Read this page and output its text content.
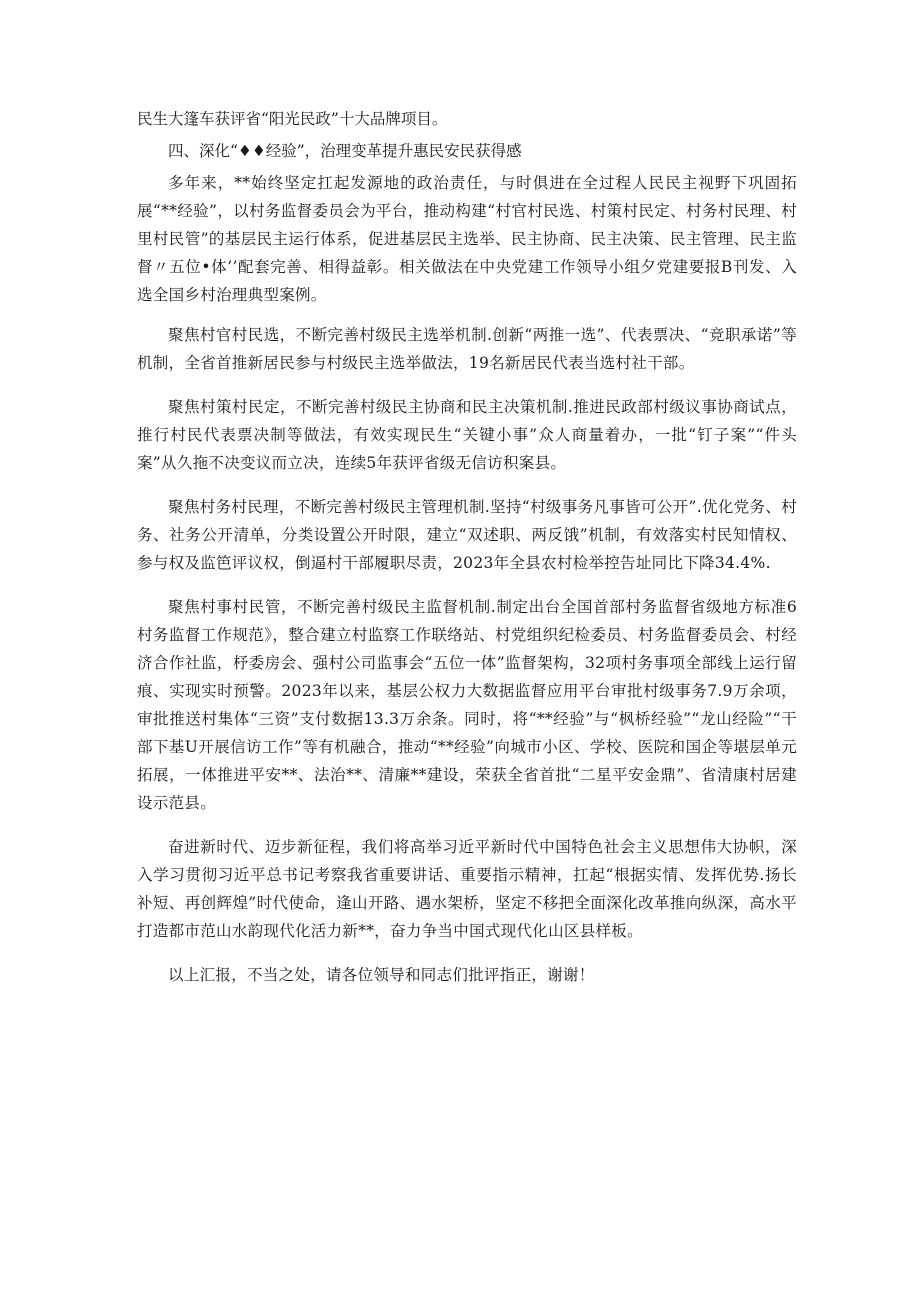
民生大篷车获评省“阳光民政”十大品牌项目。

四、深化“♦♦经验”，治理变革提升惠民安民获得感

多年来，**始终坚定扛起发源地的政治责任，与时俱进在全过程人民民主视野下巩固拓展“**经验”，以村务监督委员会为平台，推动构建“村官村民选、村策村民定、村务村民理、村里村民管”的基层民主运行体系，促进基层民主选举、民主协商、民主决策、民主管理、民主监督〃五位•体’’配套完善、相得益彰。相关做法在中央党建工作领导小组夕党建要报B刊发、入选全国乡村治理典型案例。

聚焦村官村民选，不断完善村级民主选举机制.创新“两推一选”、代表票决、“竞职承诺”等机制，全省首推新居民参与村级民主选举做法，19名新居民代表当选村社干部。

聚焦村策村民定，不断完善村级民主协商和民主决策机制.推进民政部村级议事协商试点，推行村民代表票决制等做法，有效实现民生“关键小事”众人商量着办，一批“钉子案”“件头案”从久拖不决变议而立决，连续5年获评省级无信访积案县。

聚焦村务村民理，不断完善村级民主管理机制.坚持“村级事务凡事皆可公开”.优化党务、村务、社务公开清单，分类设置公开时限，建立“双述职、两反饿”机制，有效落实村民知情权、参与权及监笆评议权，倒逼村干部履职尽责，2023年全县农村检举控告址同比下降34.4%.

聚焦村事村民管，不断完善村级民主监督机制.制定出台全国首部村务监督省级地方标准6村务监督工作规范》，整合建立村监察工作联络站、村党组织纪检委员、村务监督委员会、村经济合作社监，杼委房会、强村公司监事会“五位一体”监督架构，32项村务事项全部线上运行留痕、实现实时预警。2023年以来，基层公权力大数据监督应用平台审批村级事务7.9万余项，审批推送村集体“三资”支付数据13.3万余条。同时，将“**经验”与“枫桥经验”“龙山经险”“干部下基U开展信访工作”等有机融合，推动“**经验”向城市小区、学校、医院和国企等堪层单元拓展，一体推进平安**、法治**、清廉**建设，荣获全省首批“二星平安金鼎”、省清康村居建设示范县。

奋进新时代、迈步新征程，我们将高举习近平新时代中国特色社会主义思想伟大协帜，深入学习贯彻习近平总书记考察我省重要讲话、重要指示精神，扛起“根据实情、发挥优势.扬长补短、再创辉煌”时代使命，逢山开路、遇水架桥，坚定不移把全面深化改革推向纵深，高水平打造都市范山水韵现代化活力新**，奋力争当中国式现代化山区县样板。

以上汇报，不当之处，请各位领导和同志们批评指正，谢谢！
